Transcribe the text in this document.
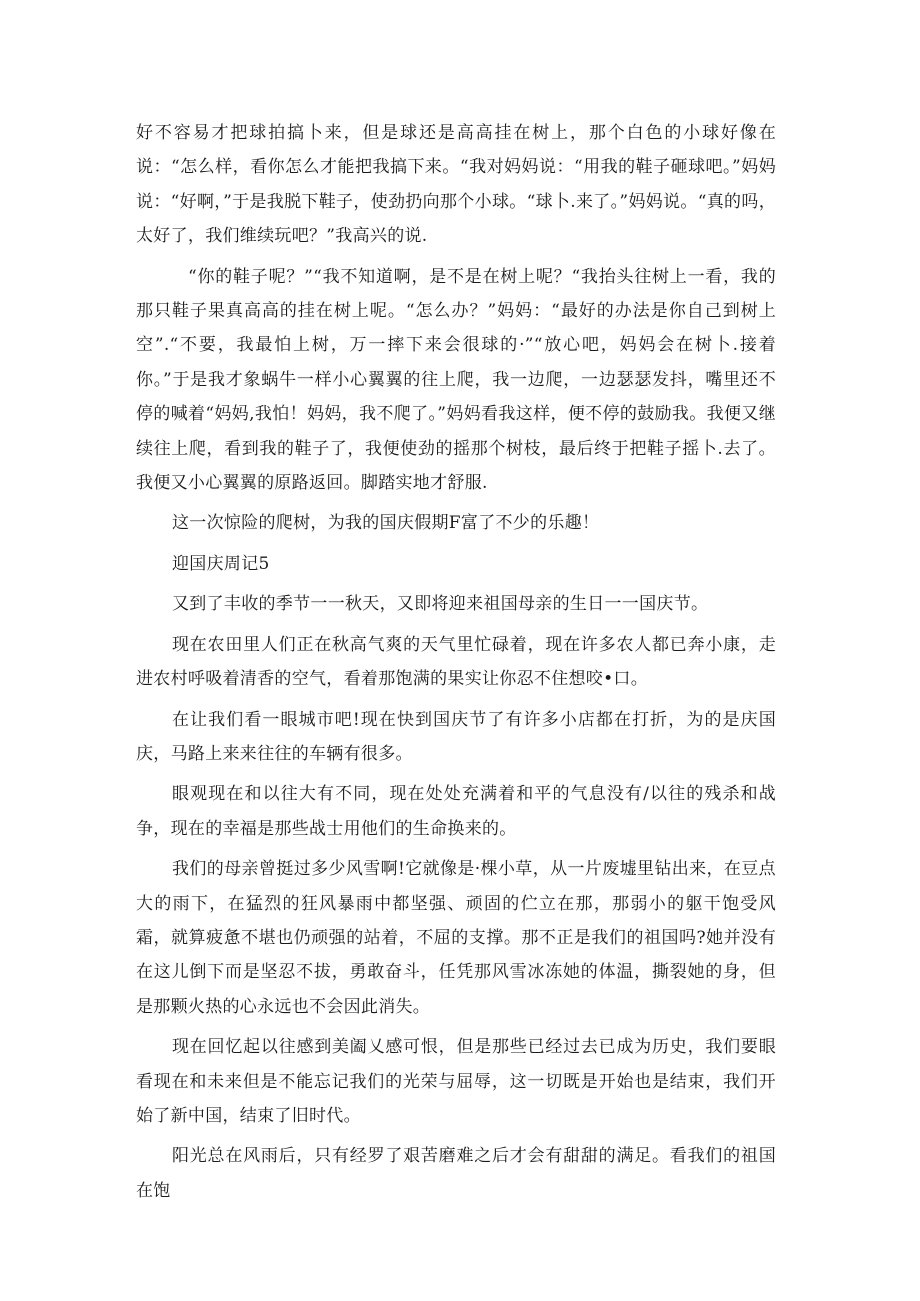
好不容易才把球拍搞卜来，但是球还是高高挂在树上，那个白色的小球好像在说：“怎么样，看你怎么才能把我搞下来。“我对妈妈说：“用我的鞋子砸球吧。”妈妈说：“好啊，”于是我脱下鞋子，使劲扔向那个小球。“球卜.来了。”妈妈说。“真的吗，太好了，我们维续玩吧？”我高兴的说.

“你的鞋子呢？”“我不知道啊，是不是在树上呢？“我抬头往树上一看，我的那只鞋子果真高高的挂在树上呢。“怎么办？”妈妈：“最好的办法是你自己到树上空”.“不要，我最怕上树，万一摔下来会很球的·”“放心吧，妈妈会在树卜.接着你。”于是我才象蜗牛一样小心翼翼的往上爬，我一边爬，一边瑟瑟发抖，嘴里还不停的喊着“妈妈,我怕！妈妈，我不爬了。”妈妈看我这样，便不停的鼓励我。我便又继续往上爬，看到我的鞋子了，我便使劲的摇那个树枝，最后终于把鞋子摇卜.去了。我便又小心翼翼的原路返回。脚踏实地才舒服.

这一次惊险的爬树，为我的国庆假期F富了不少的乐趣！

迎国庆周记5

又到了丰收的季节一一秋天，又即将迎来祖国母亲的生日一一国庆节。

现在农田里人们正在秋高气爽的天气里忙碌着，现在许多农人都已奔小康，走进农村呼吸着清香的空气，看着那饱满的果实让你忍不住想咬•口。

在让我们看一眼城市吧!现在快到国庆节了有许多小店都在打折，为的是庆国庆，马路上来来往往的车辆有很多。

眼观现在和以往大有不同，现在处处充满着和平的气息没有/以往的残杀和战争，现在的幸福是那些战士用他们的生命换来的。

我们的母亲曾挺过多少风雪啊!它就像是·棵小草，从一片废墟里钻出来，在豆点大的雨下，在猛烈的狂风暴雨中都坚强、顽固的伫立在那，那弱小的躯干饱受风霜，就算疲惫不堪也仍顽强的站着，不屈的支撑。那不正是我们的祖国吗?她并没有在这儿倒下而是坚忍不拔，勇敢奋斗，任凭那风雪冰冻她的体温，撕裂她的身，但是那颗火热的心永远也不会因此消失。

现在回忆起以往感到美阖乂感可恨，但是那些已经过去已成为历史，我们要眼看现在和未来但是不能忘记我们的光荣与屈辱，这一切既是开始也是结束，我们开始了新中国，结束了旧时代。

阳光总在风雨后，只有经罗了艰苦磨难之后才会有甜甜的满足。看我们的祖国在饱
